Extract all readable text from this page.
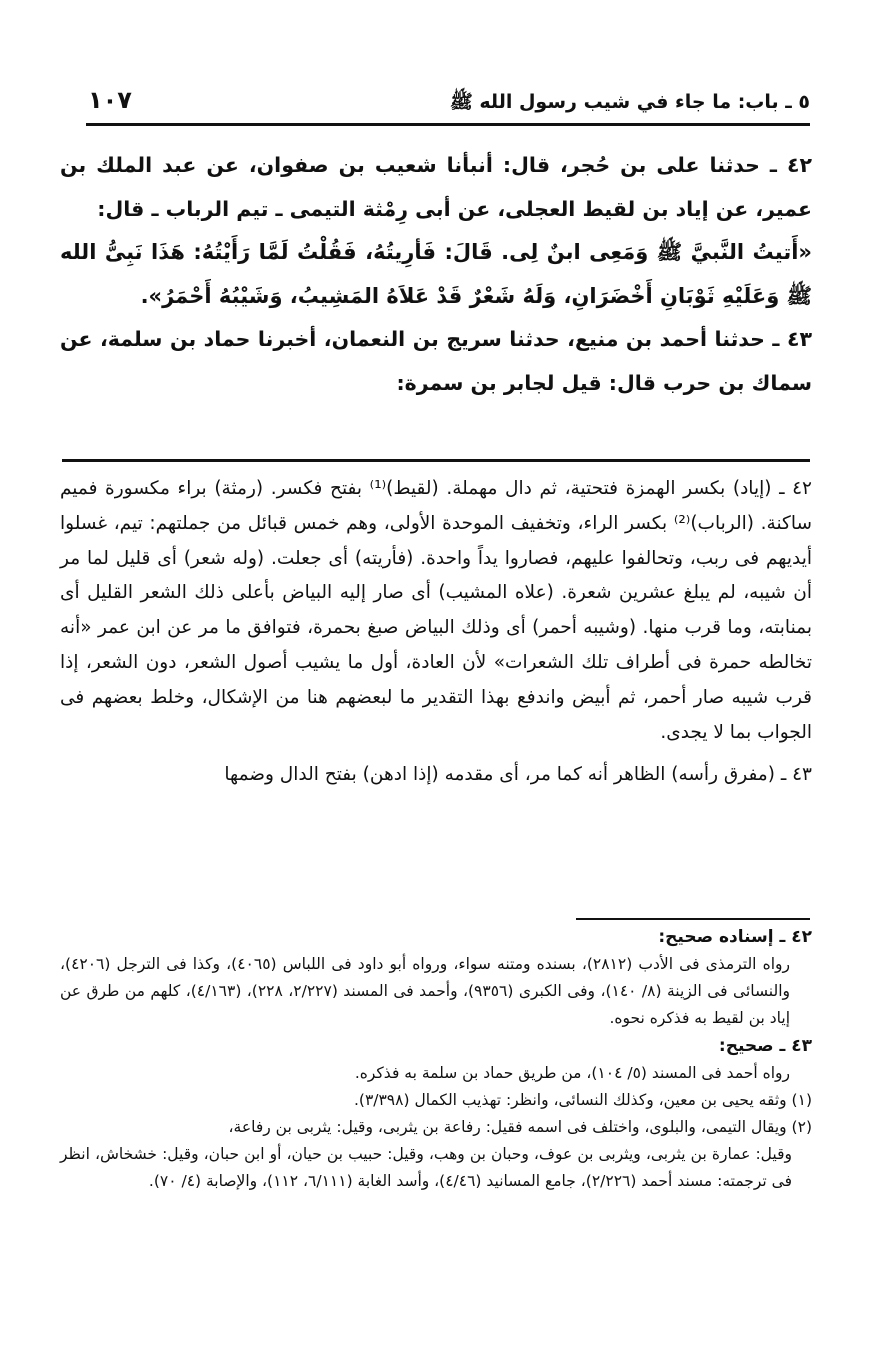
٥ ـ باب: ما جاء في شيب رسول الله ﷺ
١٠٧

٤٢ ـ حدثنا على بن حُجر، قال: أنبأنا شعيب بن صفوان، عن عبد الملك بن عمير، عن إياد بن لقيط العجلى، عن أبى رِمْثة التيمى ـ تيم الرباب ـ قال:

«أَتيتُ النَّبيَّ ﷺ وَمَعِى ابنٌ لِى. قَالَ: فَأرِيتُهُ، فَقُلْتُ لَمَّا رَأَيْتُهُ: هَذَا نَبِىُّ الله ﷺ وَعَلَيْهِ ثَوْبَانِ أَخْضَرَانِ، وَلَهُ شَعْرٌ قَدْ عَلاَهُ المَشِيبُ، وَشَيْبُهُ أَحْمَرُ».

٤٣ ـ حدثنا أحمد بن منيع، حدثنا سريج بن النعمان، أخبرنا حماد بن سلمة، عن سماك بن حرب قال: قيل لجابر بن سمرة:

٤٢ ـ (إياد) بكسر الهمزة فتحتية، ثم دال مهملة. (لقيط)⁽¹⁾ بفتح فكسر. (رمثة) براء مكسورة فميم ساكنة. (الرباب)⁽²⁾ بكسر الراء، وتخفيف الموحدة الأولى، وهم خمس قبائل من جملتهم: تيم، غسلوا أيديهم فى ربب، وتحالفوا عليهم، فصاروا يداً واحدة. (فأريته) أى جعلت. (وله شعر) أى قليل لما مر أن شيبه، لم يبلغ عشرين شعرة. (علاه المشيب) أى صار إليه البياض بأعلى ذلك الشعر القليل أى بمنابته، وما قرب منها. (وشيبه أحمر) أى وذلك البياض صبغ بحمرة، فتوافق ما مر عن ابن عمر «أنه تخالطه حمرة فى أطراف تلك الشعرات» لأن العادة، أول ما يشيب أصول الشعر، دون الشعر، إذا قرب شيبه صار أحمر، ثم أبيض واندفع بهذا التقدير ما لبعضهم هنا من الإشكال، وخلط بعضهم فى الجواب بما لا يجدى.

٤٣ ـ (مفرق رأسه) الظاهر أنه كما مر، أى مقدمه (إذا ادهن) بفتح الدال وضمها

٤٢ ـ إسناده صحيح:

رواه الترمذى فى الأدب (٢٨١٢)، بسنده ومتنه سواء، ورواه أبو داود فى اللباس (٤٠٦٥)، وكذا فى الترجل (٤٢٠٦)، والنسائى فى الزينة (٨/ ١٤٠)، وفى الكبرى (٩٣٥٦)، وأحمد فى المسند (٢/٢٢٧، ٢٢٨)، (٤/١٦٣)، كلهم من طرق عن إياد بن لقيط به فذكره نحوه.

٤٣ ـ صحيح:

رواه أحمد فى المسند (٥/ ١٠٤)، من طريق حماد بن سلمة به فذكره.

(١) وثقه يحيى بن معين، وكذلك النسائى، وانظر: تهذيب الكمال (٣/٣٩٨).

(٢) ويقال التيمى، والبلوى، واختلف فى اسمه فقيل: رفاعة بن يثربى، وقيل: يثربى بن رفاعة،

وقيل: عمارة بن يثربى، ويثربى بن عوف، وحبان بن وهب، وقيل: حبيب بن حيان، أو ابن حبان، وقيل: خشخاش، انظر فى ترجمته: مسند أحمد (٢/٢٢٦)، جامع المسانيد (٤/٤٦)، وأسد الغابة (٦/١١١، ١١٢)، والإصابة (٤/ ٧٠).
